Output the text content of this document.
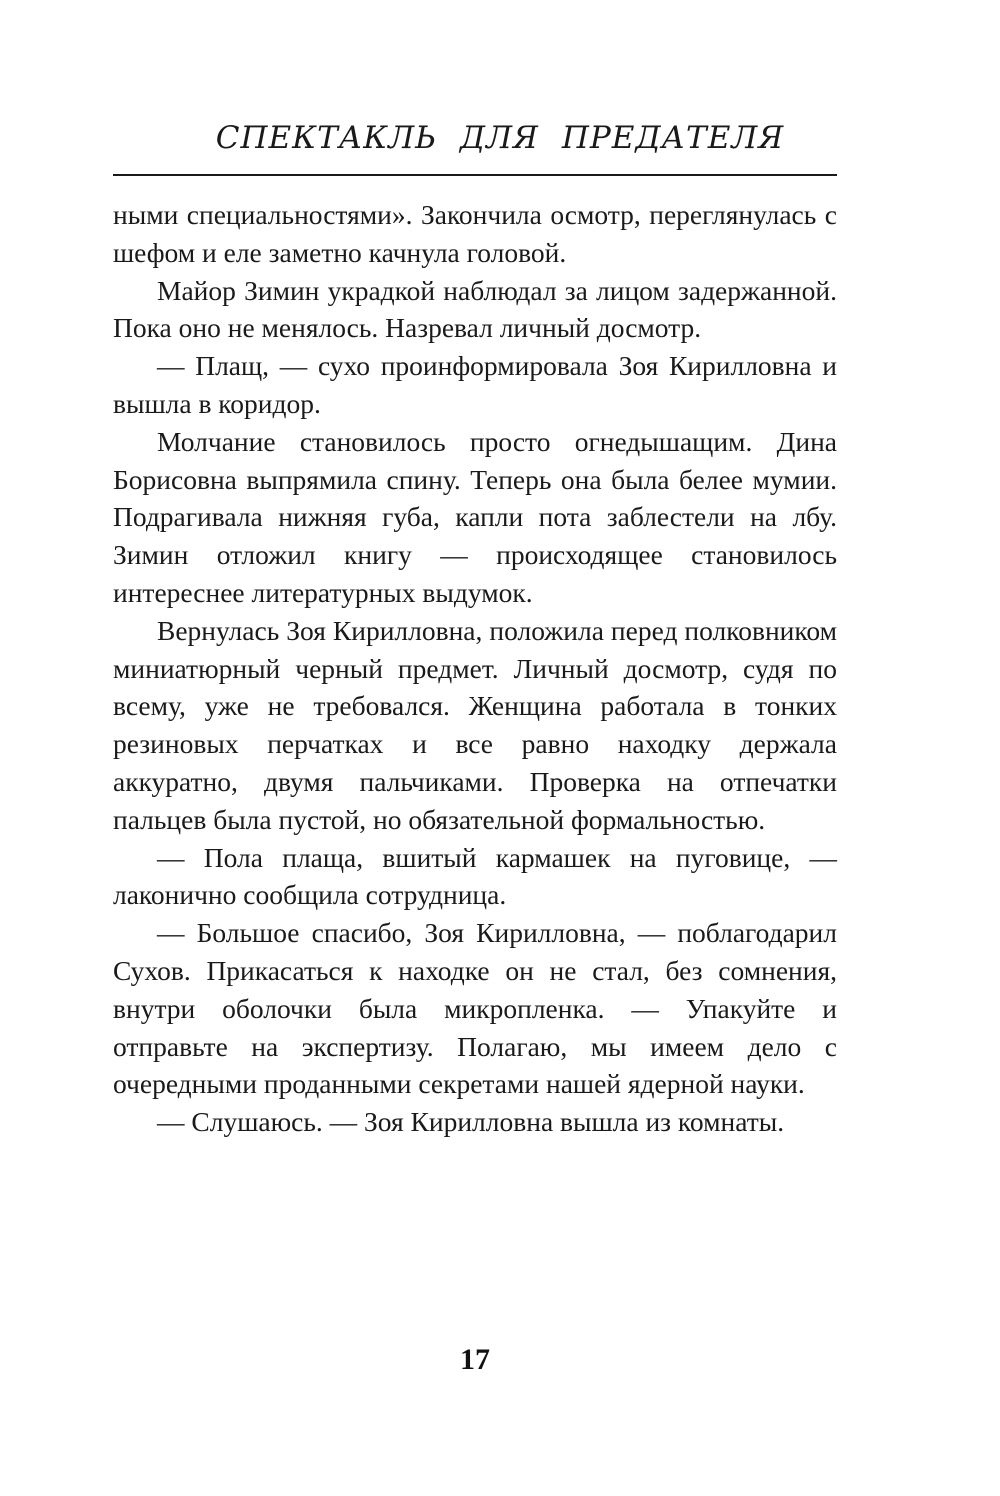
СПЕКТАКЛЬ ДЛЯ ПРЕДАТЕЛЯ

ными специальностями». Закончила осмотр, переглянулась с шефом и еле заметно качнула головой.

Майор Зимин украдкой наблюдал за лицом задержанной. Пока оно не менялось. Назревал личный досмотр.

— Плащ, — сухо проинформировала Зоя Кирилловна и вышла в коридор.

Молчание становилось просто огнедышащим. Дина Борисовна выпрямила спину. Теперь она была белее мумии. Подрагивала нижняя губа, капли пота заблестели на лбу. Зимин отложил книгу — происходящее становилось интереснее литературных выдумок.

Вернулась Зоя Кирилловна, положила перед полковником миниатюрный черный предмет. Личный досмотр, судя по всему, уже не требовался. Женщина работала в тонких резиновых перчатках и все равно находку держала аккуратно, двумя пальчиками. Проверка на отпечатки пальцев была пустой, но обязательной формальностью.

— Пола плаща, вшитый кармашек на пуговице, — лаконично сообщила сотрудница.

— Большое спасибо, Зоя Кирилловна, — поблагодарил Сухов. Прикасаться к находке он не стал, без сомнения, внутри оболочки была микропленка. — Упакуйте и отправьте на экспертизу. Полагаю, мы имеем дело с очередными проданными секретами нашей ядерной науки.

— Слушаюсь. — Зоя Кирилловна вышла из комнаты.

17
